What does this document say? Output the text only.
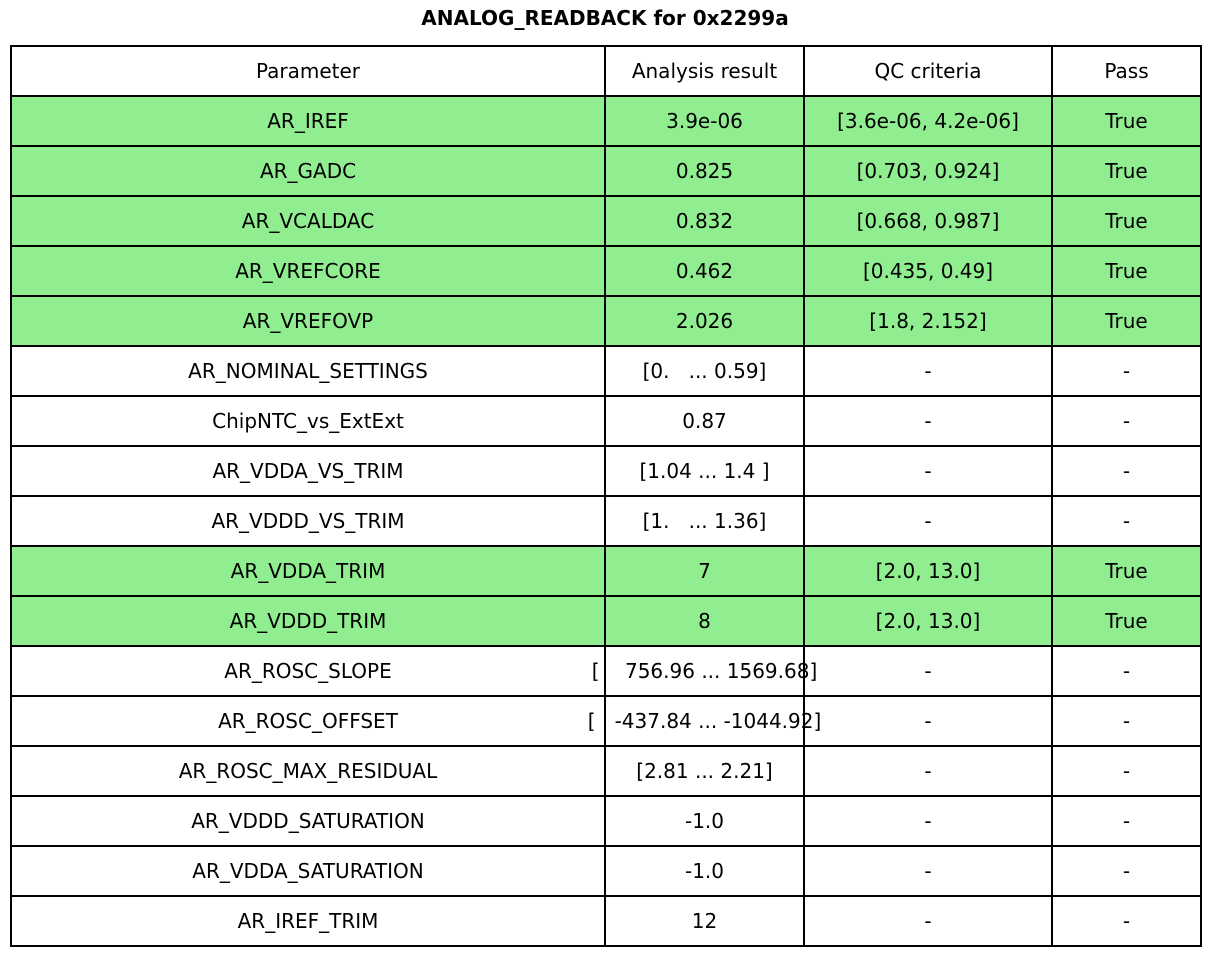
ANALOG_READBACK for 0x2299a
Parameter	Analysis result	QC criteria	Pass
AR_IREF	3.9e-06	[3.6e-06, 4.2e-06]	True
AR_GADC	0.825	[0.703, 0.924]	True
AR_VCALDAC	0.832	[0.668, 0.987]	True
AR_VREFCORE	0.462	[0.435, 0.49]	True
AR_VREFOVP	2.026	[1.8, 2.152]	True
AR_NOMINAL_SETTINGS	[0.   ... 0.59]	-	-
ChipNTC_vs_ExtExt	0.87	-	-
AR_VDDA_VS_TRIM	[1.04 ... 1.4 ]	-	-
AR_VDDD_VS_TRIM	[1.   ... 1.36]	-	-
AR_VDDA_TRIM	7	[2.0, 13.0]	True
AR_VDDD_TRIM	8	[2.0, 13.0]	True
AR_ROSC_SLOPE	[    756.96 ... 1569.68]	-	-
AR_ROSC_OFFSET	[   -437.84 ... -1044.92]	-	-
AR_ROSC_MAX_RESIDUAL	[2.81 ... 2.21]	-	-
AR_VDDD_SATURATION	-1.0	-	-
AR_VDDA_SATURATION	-1.0	-	-
AR_IREF_TRIM	12	-	-
